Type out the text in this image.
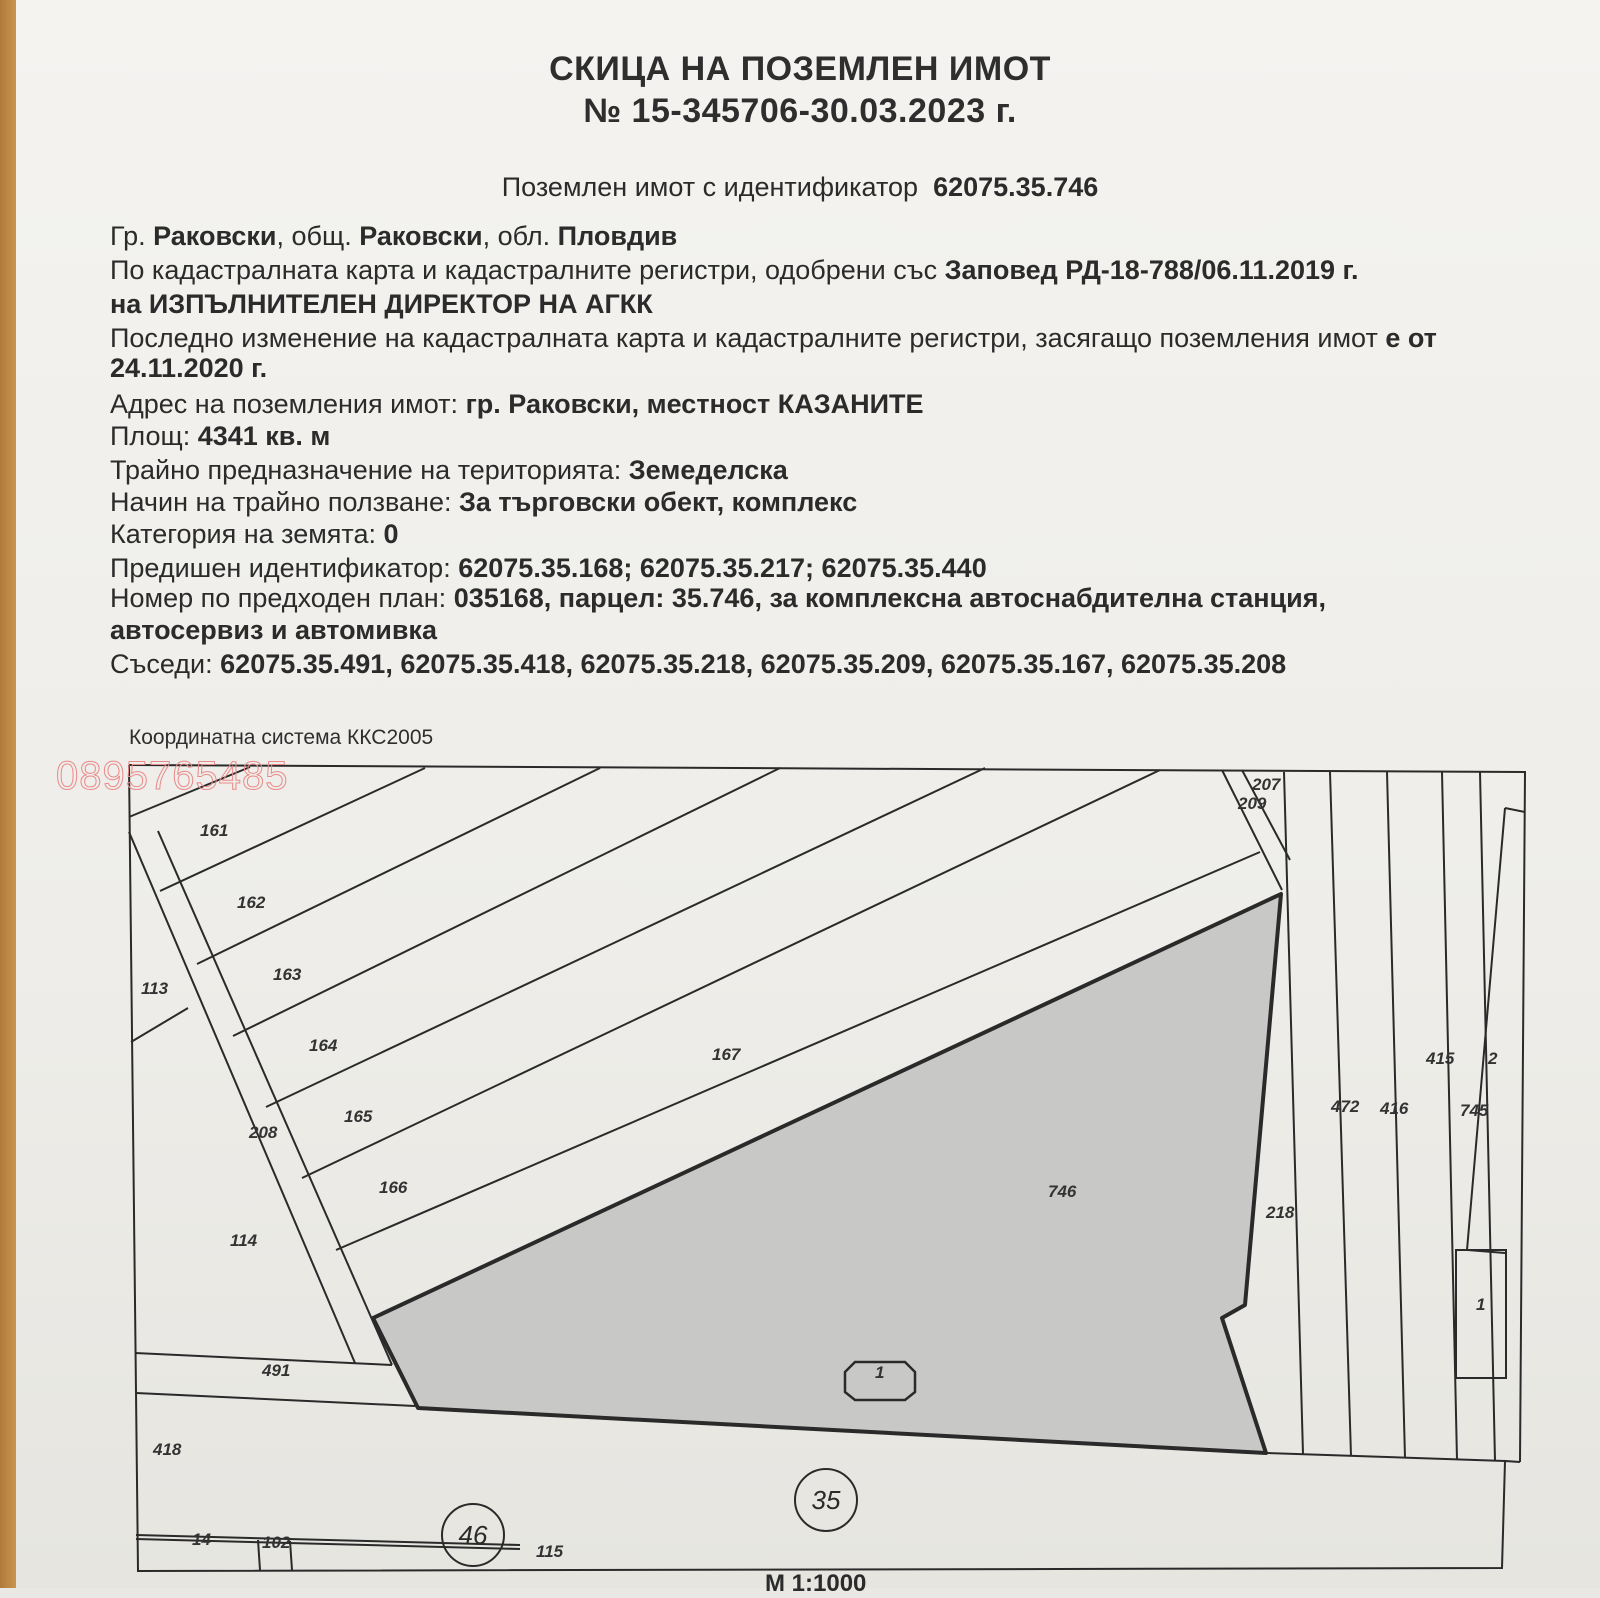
СКИЦА НА ПОЗЕМЛЕН ИМОТ
№ 15-345706-30.03.2023 г.
Поземлен имот с идентификатор 62075.35.746
Гр. Раковски, общ. Раковски, обл. Пловдив
По кадастралната карта и кадастралните регистри, одобрени със Заповед РД-18-788/06.11.2019 г.
на ИЗПЪЛНИТЕЛЕН ДИРЕКТОР НА АГКК
Последно изменение на кадастралната карта и кадастралните регистри, засягащо поземления имот е от
24.11.2020 г.
Адрес на поземления имот: гр. Раковски, местност КАЗАНИТЕ
Площ: 4341 кв. м
Трайно предназначение на територията: Земеделска
Начин на трайно ползване: За търговски обект, комплекс
Категория на земята: 0
Предишен идентификатор: 62075.35.168; 62075.35.217; 62075.35.440
Номер по предходен план: 035168, парцел: 35.746, за комплексна автоснабдителна станция,
автосервиз и автомивка
Съседи: 62075.35.491, 62075.35.418, 62075.35.218, 62075.35.209, 62075.35.167, 62075.35.208
Координатна система ККС2005
161
162
163
164
165
166
167
113
208
114
491
418
207
209
218
472 416
415 2
745
1
14	102	115
746
1
35
46
0895765485
М 1:1000
